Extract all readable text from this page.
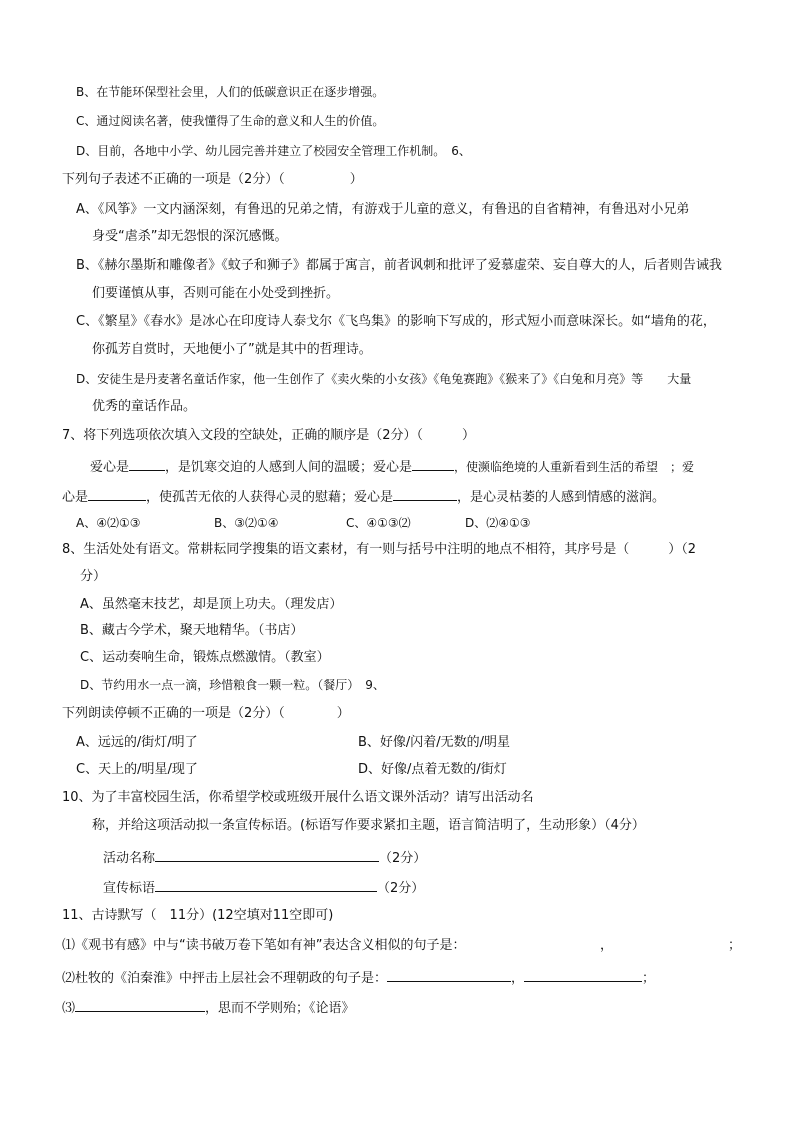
B、在节能环保型社会里，人们的低碳意识正在逐步增强。
C、通过阅读名著，使我懂得了生命的意义和人生的价值。
D、目前，各地中小学、幼儿园完善并建立了校园安全管理工作机制。　6、
下列句子表述不正确的一项是（2分）（　　　　　）
A、《风筝》一文内涵深刻，有鲁迅的兄弟之情，有游戏于儿童的意义，有鲁迅的自省精神，有鲁迅对小兄弟
身受“虐杀”却无怨恨的深沉感慨。
B、《赫尔墨斯和雕像者》《蚊子和狮子》都属于寓言，前者讽刺和批评了爱慕虚荣、妄自尊大的人，后者则告诫我
们要谨慎从事，否则可能在小处受到挫折。
C、《繁星》《春水》是冰心在印度诗人泰戈尔《飞鸟集》的影响下写成的，形式短小而意味深长。如“墙角的花，
你孤芳自赏时，天地便小了”就是其中的哲理诗。
D、安徒生是丹麦著名童话作家，他一生创作了《卖火柴的小女孩》《龟兔赛跑》《猴来了》《白兔和月亮》等　　大量
优秀的童话作品。
7、将下列选项依次填入文段的空缺处，正确的顺序是（2分）（　　　）
爱心是	，是饥寒交迫的人感到人间的温暖；爱心是	，使濒临绝境的人重新看到生活的希望　；爱
心是	，使孤苦无依的人获得心灵的慰藉；爱心是	，是心灵枯萎的人感到情感的滋润。
A、④⑵①③	B、③⑵①④	C、④①③⑵	D、⑵④①③
8、生活处处有语文。常耕耘同学搜集的语文素材，有一则与括号中注明的地点不相符，其序号是（　　　）（2
分）
A、虽然毫末技艺，却是顶上功夫。（理发店）
B、藏古今学术，聚天地精华。（书店）
C、运动奏响生命，锻炼点燃激情。（教室）
D、节约用水一点一滴，珍惜粮食一颗一粒。（餐厅）　9、
下列朗读停顿不正确的一项是（2分）（　　　　）
A、远远的/街灯/明了	B、好像/闪着/无数的/明星
C、天上的/明星/现了	D、好像/点着无数的/街灯
10、为了丰富校园生活，你希望学校或班级开展什么语文课外活动？请写出活动名
称，并给这项活动拟一条宣传标语。(标语写作要求紧扣主题，语言简洁明了，生动形象）（4分）
活动名称	（2分）
宣传标语	（2分）
11、古诗默写（　11分）(12空填对11空即可)
⑴《观书有感》中与“读书破万卷下笔如有神”表达含义相似的句子是：	，	；
⑵杜牧的《泊秦淮》中抨击上层社会不理朝政的句子是：	，	；
⑶	，思而不学则殆；《论语》
